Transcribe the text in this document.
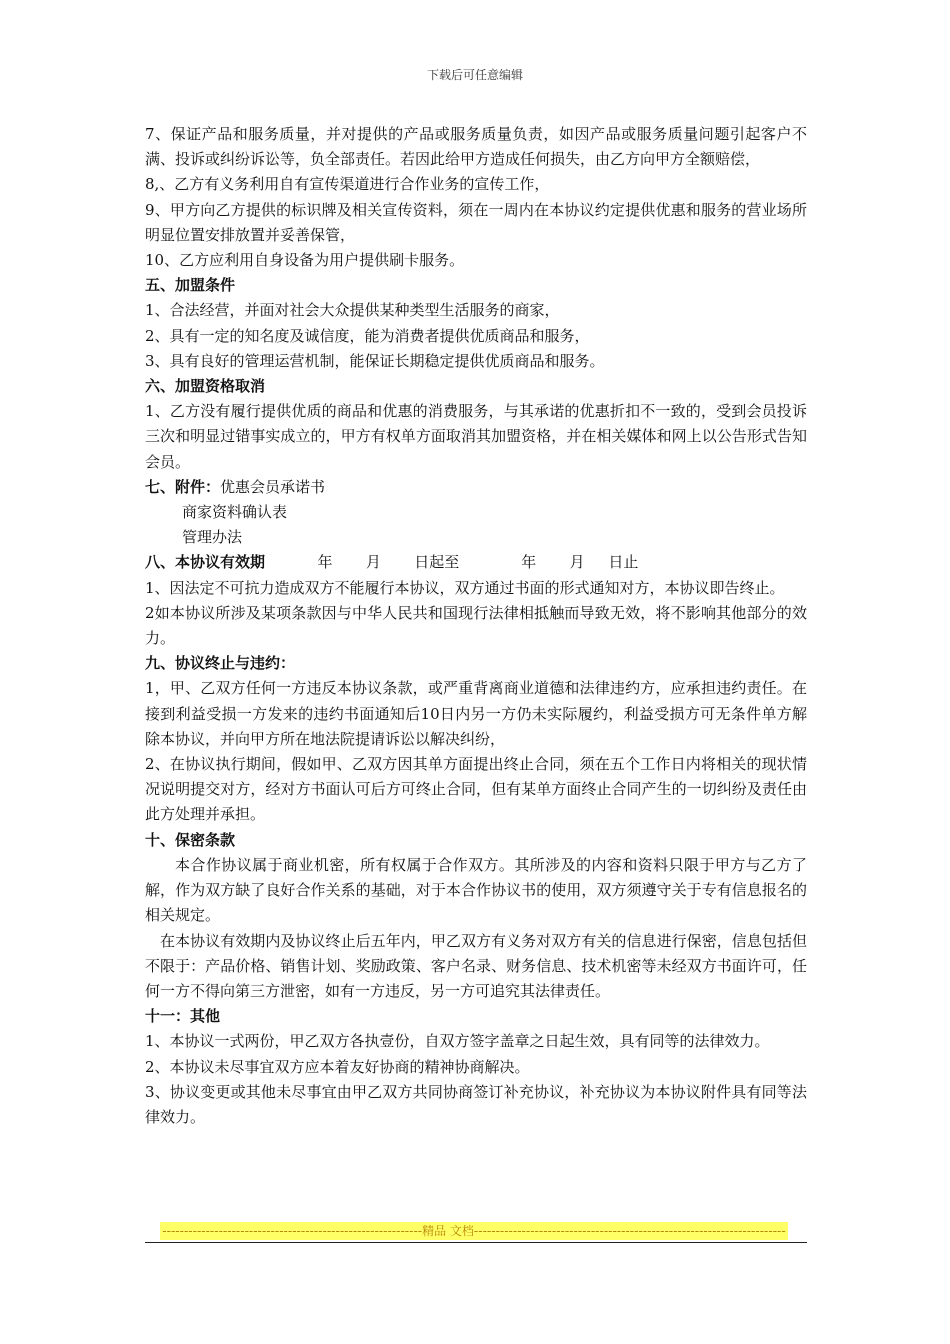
下载后可任意编辑

7、保证产品和服务质量，并对提供的产品或服务质量负责，如因产品或服务质量问题引起客户不满、投诉或纠纷诉讼等，负全部责任。若因此给甲方造成任何损失，由乙方向甲方全额赔偿，

8,、乙方有义务利用自有宣传渠道进行合作业务的宣传工作，

9、甲方向乙方提供的标识牌及相关宣传资料，须在一周内在本协议约定提供优惠和服务的营业场所明显位置安排放置并妥善保管，

10、乙方应利用自身设备为用户提供刷卡服务。

五、加盟条件

1、合法经营，并面对社会大众提供某种类型生活服务的商家，

2、具有一定的知名度及诚信度，能为消费者提供优质商品和服务，

3、具有良好的管理运营机制，能保证长期稳定提供优质商品和服务。

六、加盟资格取消

1、乙方没有履行提供优质的商品和优惠的消费服务，与其承诺的优惠折扣不一致的，受到会员投诉三次和明显过错事实成立的，甲方有权单方面取消其加盟资格，并在相关媒体和网上以公告形式告知会员。

七、附件：优惠会员承诺书

商家资料确认表

管理办法

八、本协议有效期           年       月       日起至             年       月     日止

1、因法定不可抗力造成双方不能履行本协议，双方通过书面的形式通知对方，本协议即告终止。

2如本协议所涉及某项条款因与中华人民共和国现行法律相抵触而导致无效，将不影响其他部分的效力。

九、协议终止与违约：

1，甲、乙双方任何一方违反本协议条款，或严重背离商业道德和法律违约方，应承担违约责任。在接到利益受损一方发来的违约书面通知后10日内另一方仍未实际履约，利益受损方可无条件单方解除本协议，并向甲方所在地法院提请诉讼以解决纠纷，

2、在协议执行期间，假如甲、乙双方因其单方面提出终止合同，须在五个工作日内将相关的现状情况说明提交对方，经对方书面认可后方可终止合同，但有某单方面终止合同产生的一切纠纷及责任由此方处理并承担。

十、保密条款

本合作协议属于商业机密，所有权属于合作双方。其所涉及的内容和资料只限于甲方与乙方了解，作为双方缺了良好合作关系的基础，对于本合作协议书的使用，双方须遵守关于专有信息报名的相关规定。

在本协议有效期内及协议终止后五年内，甲乙双方有义务对双方有关的信息进行保密，信息包括但不限于：产品价格、销售计划、奖励政策、客户名录、财务信息、技术机密等未经双方书面许可，任何一方不得向第三方泄密，如有一方违反，另一方可追究其法律责任。

十一：其他

1、本协议一式两份，甲乙双方各执壹份，自双方签字盖章之日起生效，具有同等的法律效力。

2、本协议未尽事宜双方应本着友好协商的精神协商解决。

3、协议变更或其他未尽事宜由甲乙双方共同协商签订补充协议，补充协议为本协议附件具有同等法律效力。

------------------------------------------------------------精品 文档------------------------------------------------------------------------
